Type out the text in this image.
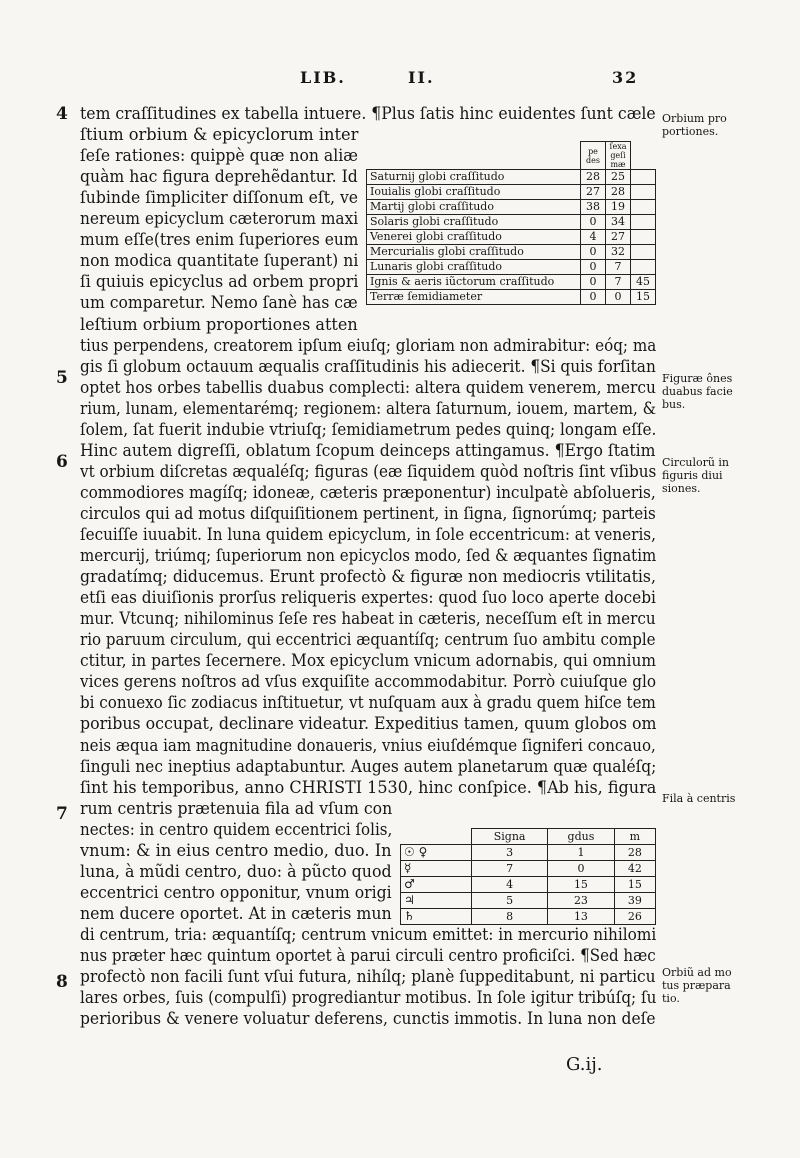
LIB.	II.	32
4
5
6
7
8
Orbium pro
portiones.
Figuræ ônes
duabus facie
bus.
Circulorũ in
figuris diui
siones.
Fila à centris
Orbiũ ad mo
tus præpara
tio.
tem craſſitudines ex tabella intuere. ¶Plus ſatis hinc euidentes ſunt cæle
ſtium orbium & epicyclorum inter
ſeſe rationes: quippè quæ non aliæ
quàm hac figura deprehẽdantur. Id
ſubinde ſimpliciter diſſonum eſt, ve
nereum epicyclum cæterorum maxi
mum eſſe(tres enim ſuperiores eum
non modica quantitate ſuperant) ni
ſi quiuis epicyclus ad orbem propri
um comparetur. Nemo ſanè has cæ
leſtium orbium proportiones atten
tius perpendens, creatorem ipſum eiuſq; gloriam non admirabitur: eóq; ma
gis ſi globum octauum æqualis craſſitudinis his adiecerit. ¶Si quis forſitan
optet hos orbes tabellis duabus complecti: altera quidem venerem, mercu
rium, lunam, elementarémq; regionem: altera ſaturnum, iouem, martem, &
ſolem, ſat fuerit indubie vtriuſq; ſemidiametrum pedes quinq; longam eſſe.
Hinc autem digreſſi, oblatum ſcopum deinceps attingamus. ¶Ergo ſtatim
vt orbium diſcretas æqualéſq; figuras (eæ ſiquidem quòd noſtris ſint vſibus
commodiores magíſq; idoneæ, cæteris præponentur) inculpatè abſolueris,
circulos qui ad motus diſquiſitionem pertinent, in ſigna, ſignorúmq; parteis
ſecuiſſe iuuabit. In luna quidem epicyclum, in ſole eccentricum: at veneris,
mercurij, triúmq; ſuperiorum non epicyclos modo, ſed & æquantes ſignatim
gradatímq; diducemus. Erunt profectò & figuræ non mediocris vtilitatis,
etſi eas diuiſionis prorſus reliqueris expertes: quod ſuo loco aperte docebi
mur. Vtcunq; nihilominus ſeſe res habeat in cæteris, neceſſum eſt in mercu
rio paruum circulum, qui eccentrici æquantíſq; centrum ſuo ambitu comple
ctitur, in partes ſecernere. Mox epicyclum vnicum adornabis, qui omnium
vices gerens noſtros ad vſus exquiſite accommodabitur. Porrò cuiuſque glo
bi conuexo ſic zodiacus inſtituetur, vt nuſquam aux à gradu quem hiſce tem
poribus occupat, declinare videatur. Expeditius tamen, quum globos om
neis æqua iam magnitudine donaueris, vnius eiuſdémque ſigniferi concauo,
ſinguli nec ineptius adaptabuntur. Auges autem planetarum quæ qualéſq;
ſint his temporibus, anno CHRISTI 1530, hinc conſpice. ¶Ab his, figura
rum centris prætenuia fila ad vſum con
nectes: in centro quidem eccentrici ſolis,
vnum: & in eius centro medio, duo. In
luna, à mũdi centro, duo: à pũcto quod
eccentrici centro opponitur, vnum origi
nem ducere oportet. At in cæteris mun
di centrum, tria: æquantíſq; centrum vnicum emittet: in mercurio nihilomi
nus præter hæc quintum oportet à parui circuli centro proficiſci. ¶Sed hæc
profectò non facili ſunt vſui futura, nihílq; planè ſuppeditabunt, ni particu
lares orbes, ſuis (compulſi) progrediantur motibus. In ſole igitur tribúſq; ſu
perioribus & venere voluatur deferens, cunctis immotis. In luna non deſe
	pe des	ſexa geſi mæ	
Saturnij globi craſſitudo	28	25	
Iouialis globi craſſitudo	27	28	
Martij globi craſſitudo	38	19	
Solaris globi craſſitudo	0	34	
Venerei globi craſſitudo	4	27	
Mercurialis globi craſſitudo	0	32	
Lunaris globi craſſitudo	0	7	
Ignis & aeris iũctorum craſſitudo	0	7	45
Terræ ſemidiameter	0	0	15
	Signa	gdus	m
☉ ♀	3	1	28
☿	7	0	42
♂	4	15	15
♃	5	23	39
♄	8	13	26
G.ij.
